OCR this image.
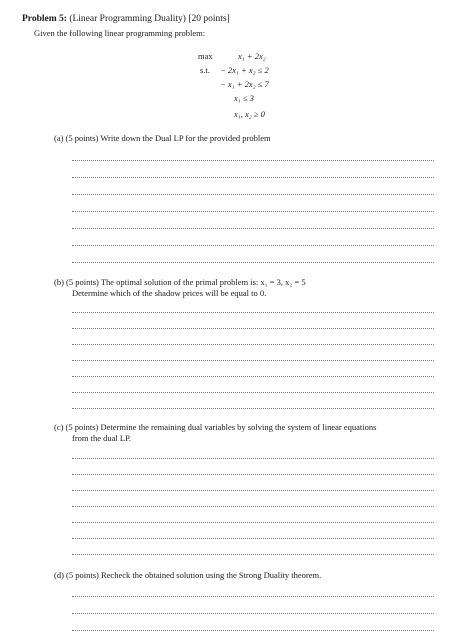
Problem 5: (Linear Programming Duality) [20 points]
Given the following linear programming problem:
max	x₁ + 2x₂
s.t. − 2x₁ + x₂ ≤ 2
− x₁ + 2x₂ ≤ 7
x₁ ≤ 3
x₁, x₂ ≥ 0
(a) (5 points) Write down the Dual LP for the provided problem
(b) (5 points) The optimal solution of the primal problem is: x₁ = 3, x₂ = 5
Determine which of the shadow prices will be equal to 0.
(c) (5 points) Determine the remaining dual variables by solving the system of linear equations
from the dual LP.
(d) (5 points) Recheck the obtained solution using the Strong Duality theorem.
